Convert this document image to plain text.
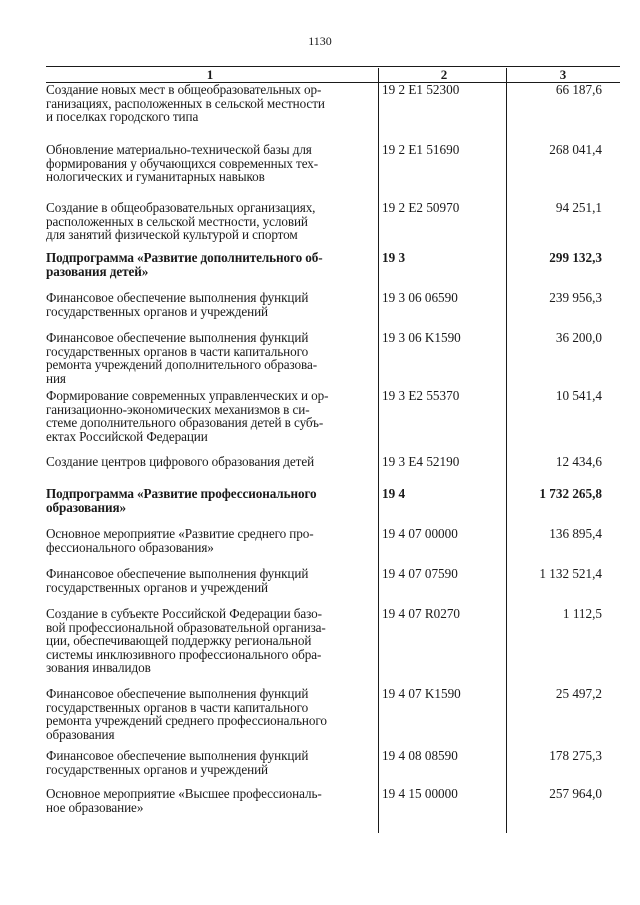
1130
1	2	3
Создание новых мест в общеобразовательных ор-
ганизациях, расположенных в сельской местности
и поселках городского типа
19 2 E1 52300	66 187,6
Обновление материально-технической базы для
формирования у обучающихся современных тех-
нологических и гуманитарных навыков
19 2 E1 51690	268 041,4
Создание в общеобразовательных организациях,
расположенных в сельской местности, условий
для занятий физической культурой и спортом
19 2 E2 50970	94 251,1
Подпрограмма «Развитие дополнительного об-
разования детей»
19 3	299 132,3
Финансовое обеспечение выполнения функций
государственных органов и учреждений
19 3 06 06590	239 956,3
Финансовое обеспечение выполнения функций
государственных органов в части капитального
ремонта учреждений дополнительного образова-
ния
19 3 06 K1590	36 200,0
Формирование современных управленческих и ор-
ганизационно-экономических механизмов в си-
стеме дополнительного образования детей в субъ-
ектах Российской Федерации
19 3 E2 55370	10 541,4
Создание центров цифрового образования детей	19 3 E4 52190	12 434,6
Подпрограмма «Развитие профессионального
образования»
19 4	1 732 265,8
Основное мероприятие «Развитие среднего про-
фессионального образования»
19 4 07 00000	136 895,4
Финансовое обеспечение выполнения функций
государственных органов и учреждений
19 4 07 07590	1 132 521,4
Создание в субъекте Российской Федерации базо-
вой профессиональной образовательной организа-
ции, обеспечивающей поддержку региональной
системы инклюзивного профессионального обра-
зования инвалидов
19 4 07 R0270	1 112,5
Финансовое обеспечение выполнения функций
государственных органов в части капитального
ремонта учреждений среднего профессионального
образования
19 4 07 K1590	25 497,2
Финансовое обеспечение выполнения функций
государственных органов и учреждений
19 4 08 08590	178 275,3
Основное мероприятие «Высшее профессиональ-
ное образование»
19 4 15 00000	257 964,0
